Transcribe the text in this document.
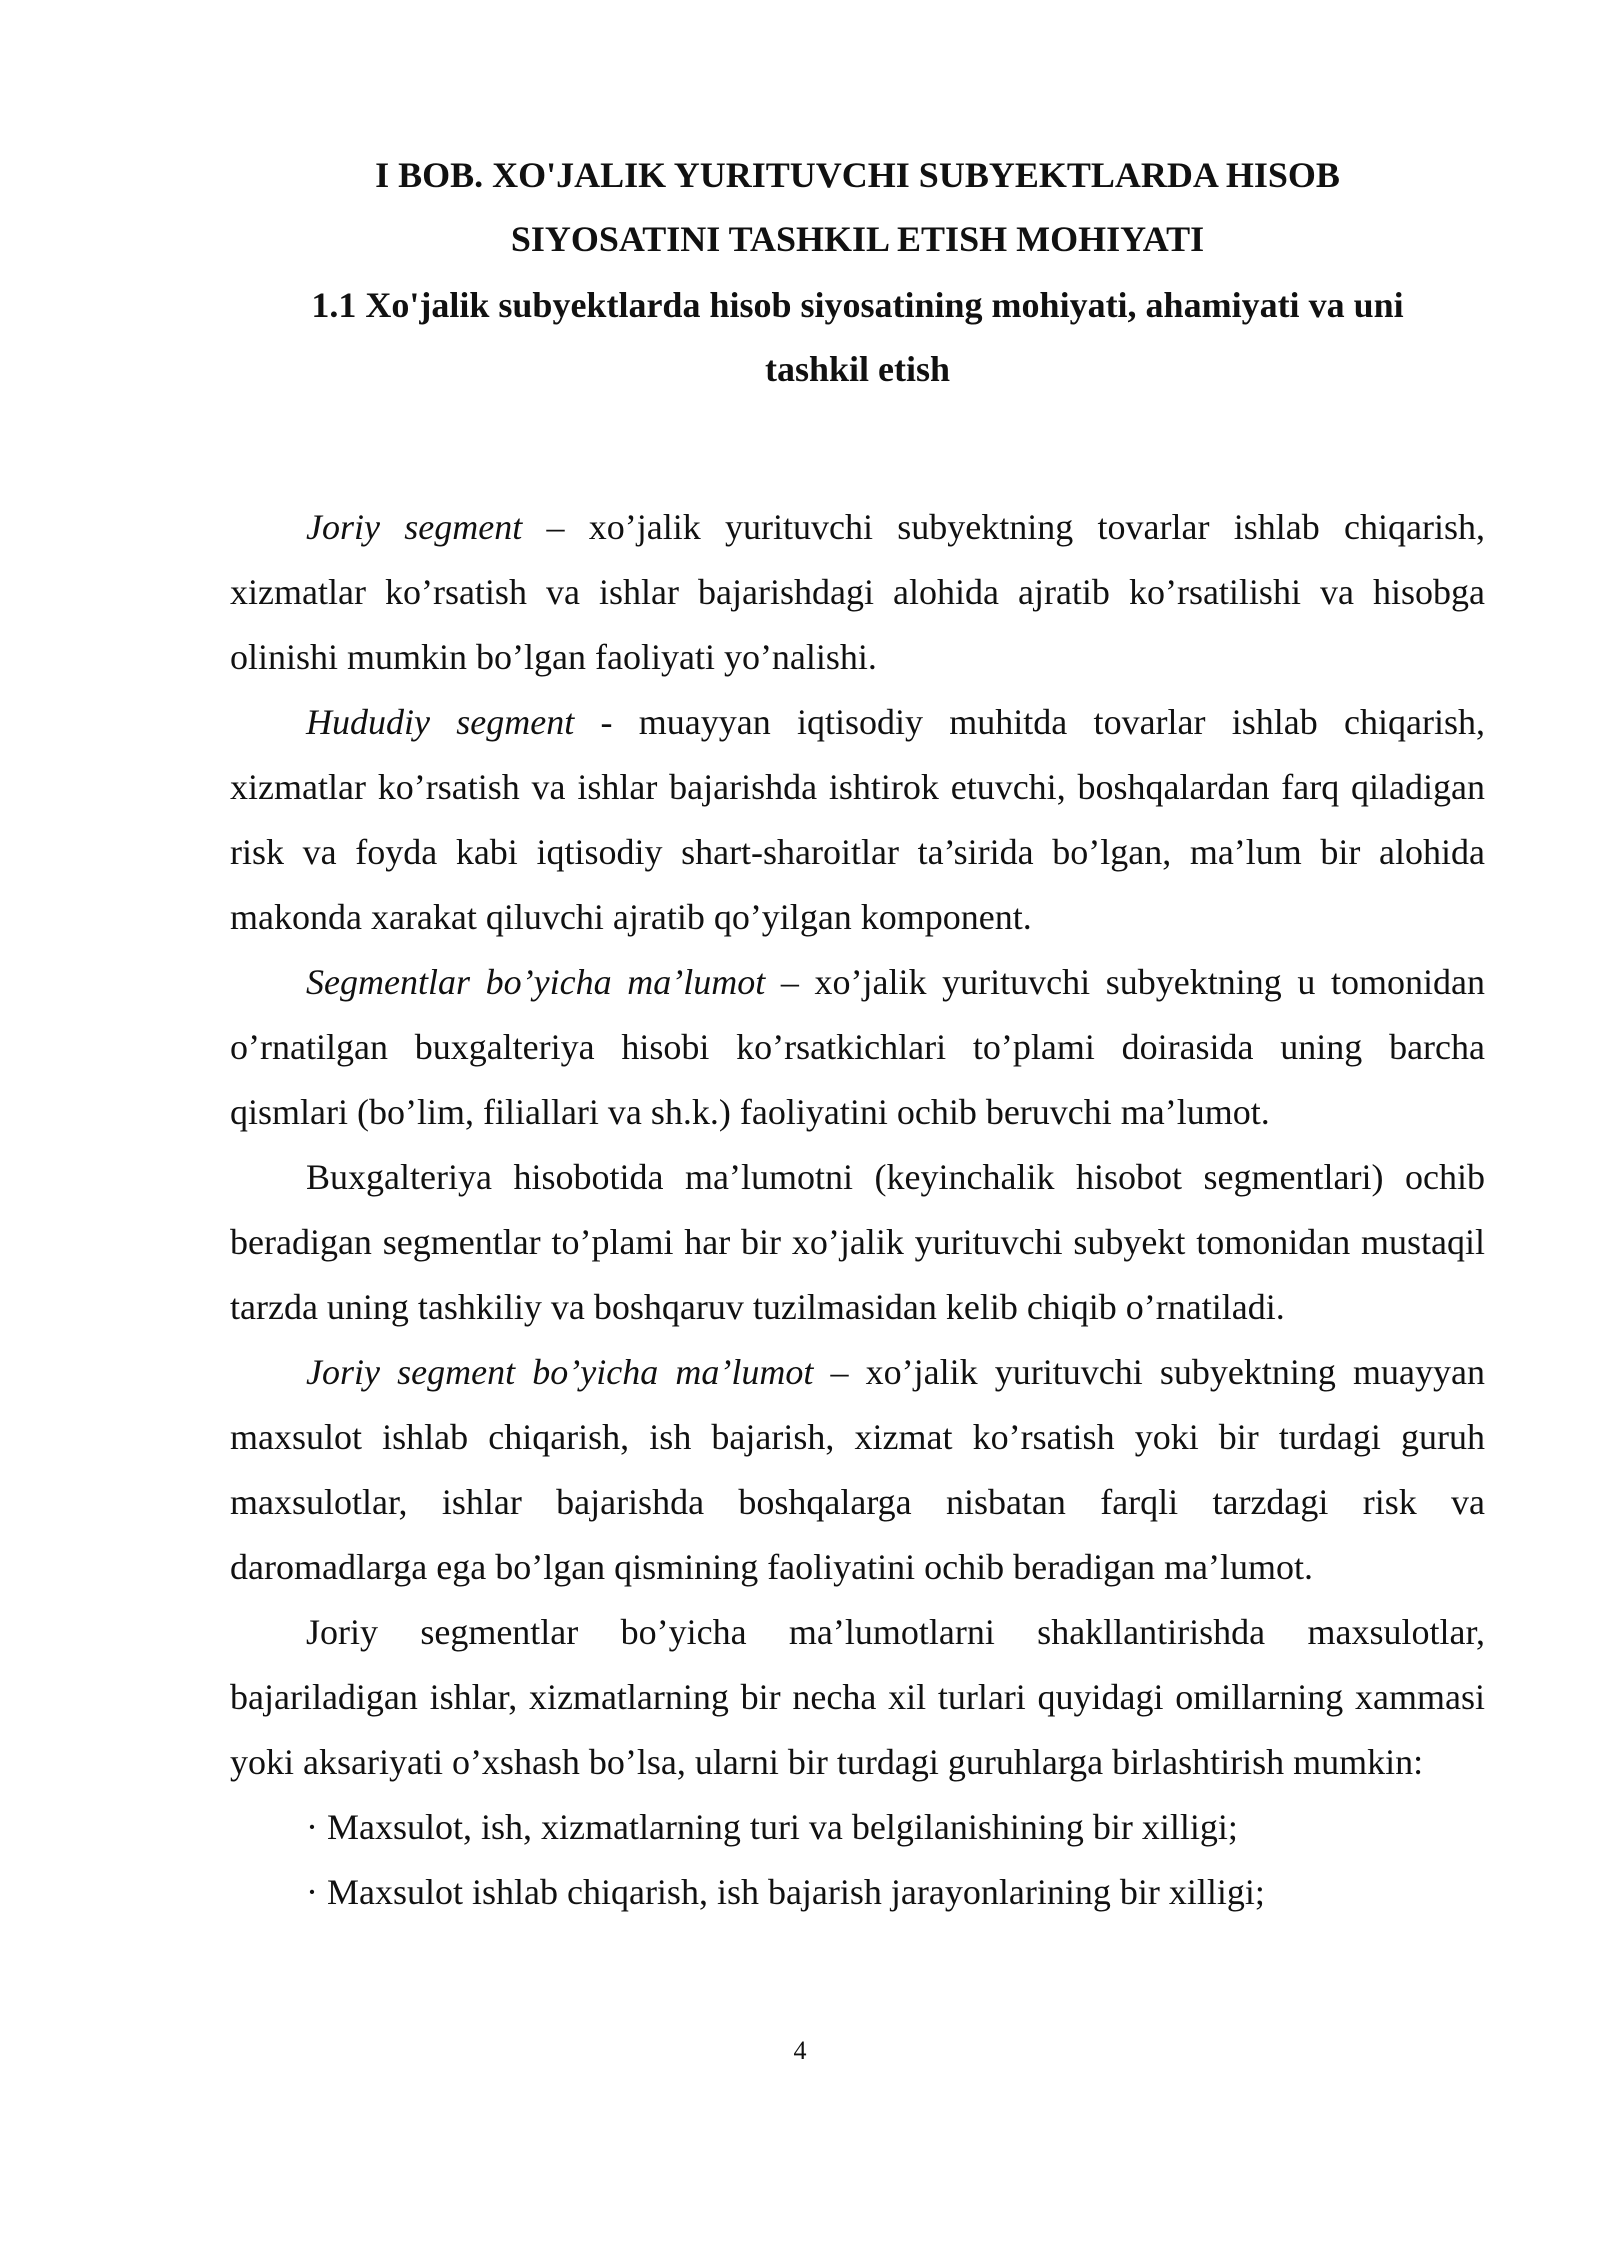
I BOB. XO'JALIK YURITUVCHI SUBYEKTLARDA HISOB
SIYOSATINI TASHKIL ETISH MOHIYATI
1.1 Xo'jalik subyektlarda hisob siyosatining mohiyati, ahamiyati va uni
tashkil etish

Joriy segment – xo’jalik yurituvchi subyektning tovarlar ishlab chiqarish, xizmatlar ko’rsatish va ishlar bajarishdagi alohida ajratib ko’rsatilishi va hisobga olinishi mumkin bo’lgan faoliyati yo’nalishi.

Hududiy segment - muayyan iqtisodiy muhitda tovarlar ishlab chiqarish, xizmatlar ko’rsatish va ishlar bajarishda ishtirok etuvchi, boshqalardan farq qiladigan risk va foyda kabi iqtisodiy shart-sharoitlar ta’sirida bo’lgan, ma’lum bir alohida makonda xarakat qiluvchi ajratib qo’yilgan komponent.

Segmentlar bo’yicha ma’lumot – xo’jalik yurituvchi subyektning u tomonidan o’rnatilgan buxgalteriya hisobi ko’rsatkichlari to’plami doirasida uning barcha qismlari (bo’lim, filiallari va sh.k.) faoliyatini ochib beruvchi ma’lumot.

Buxgalteriya hisobotida ma’lumotni (keyinchalik hisobot segmentlari) ochib beradigan segmentlar to’plami har bir xo’jalik yurituvchi subyekt tomonidan mustaqil tarzda uning tashkiliy va boshqaruv tuzilmasidan kelib chiqib o’rnatiladi.

Joriy segment bo’yicha ma’lumot – xo’jalik yurituvchi subyektning muayyan maxsulot ishlab chiqarish, ish bajarish, xizmat ko’rsatish yoki bir turdagi guruh maxsulotlar, ishlar bajarishda boshqalarga nisbatan farqli tarzdagi risk va daromadlarga ega bo’lgan qismining faoliyatini ochib beradigan ma’lumot.

Joriy segmentlar bo’yicha ma’lumotlarni shakllantirishda maxsulotlar, bajariladigan ishlar, xizmatlarning bir necha xil turlari quyidagi omillarning xammasi yoki aksariyati o’xshash bo’lsa, ularni bir turdagi guruhlarga birlashtirish mumkin:

· Maxsulot, ish, xizmatlarning turi va belgilanishining bir xilligi;

· Maxsulot ishlab chiqarish, ish bajarish jarayonlarining bir xilligi;

4
